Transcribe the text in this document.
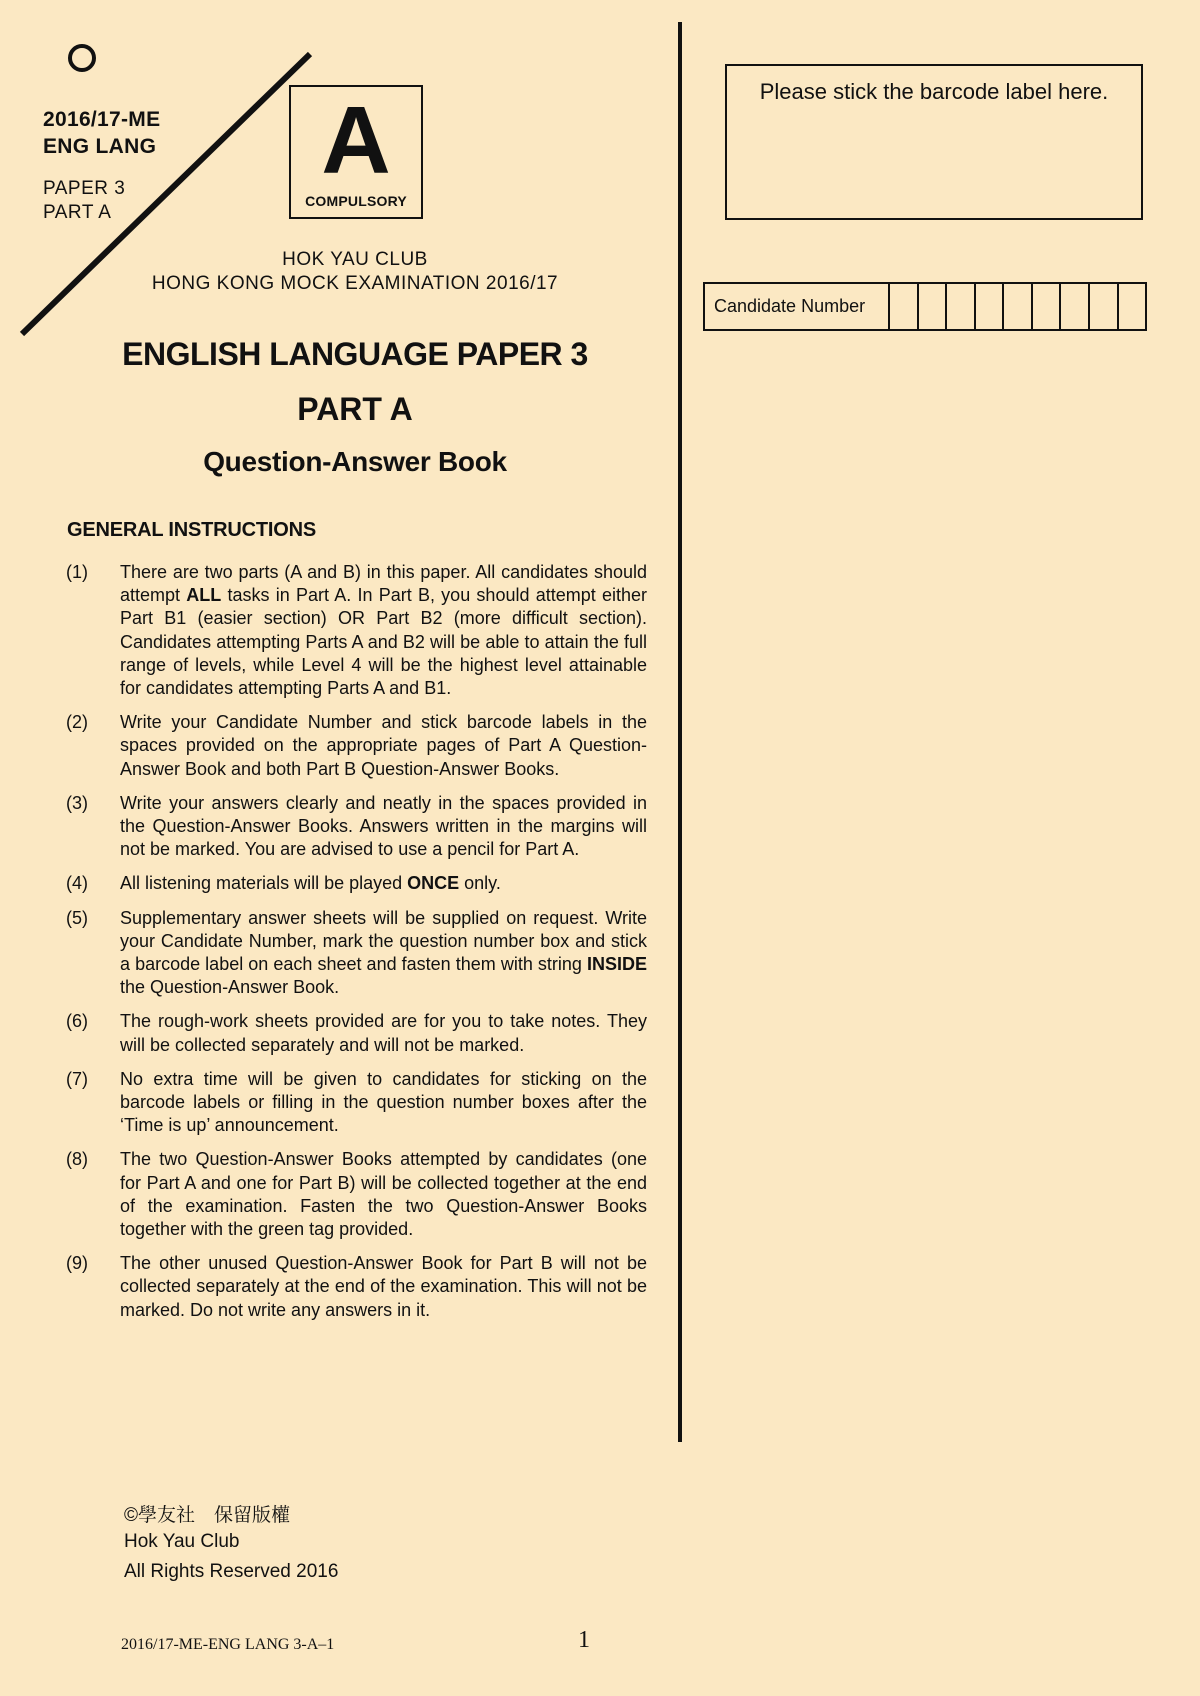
2016/17-ME
ENG LANG
PAPER 3
PART A
A
COMPULSORY
HOK YAU CLUB
HONG KONG MOCK EXAMINATION 2016/17
ENGLISH LANGUAGE PAPER 3
PART A
Question-Answer Book
GENERAL INSTRUCTIONS
(1)	There are two parts (A and B) in this paper. All candidates should attempt ALL tasks in Part A. In Part B, you should attempt either Part B1 (easier section) OR Part B2 (more difficult section). Candidates attempting Parts A and B2 will be able to attain the full range of levels, while Level 4 will be the highest level attainable for candidates attempting Parts A and B1.
(2)	Write your Candidate Number and stick barcode labels in the spaces provided on the appropriate pages of Part A Question-Answer Book and both Part B Question-Answer Books.
(3)	Write your answers clearly and neatly in the spaces provided in the Question-Answer Books. Answers written in the margins will not be marked. You are advised to use a pencil for Part A.
(4)	All listening materials will be played ONCE only.
(5)	Supplementary answer sheets will be supplied on request. Write your Candidate Number, mark the question number box and stick a barcode label on each sheet and fasten them with string INSIDE the Question-Answer Book.
(6)	The rough-work sheets provided are for you to take notes. They will be collected separately and will not be marked.
(7)	No extra time will be given to candidates for sticking on the barcode labels or filling in the question number boxes after the ‘Time is up’ announcement.
(8)	The two Question-Answer Books attempted by candidates (one for Part A and one for Part B) will be collected together at the end of the examination. Fasten the two Question-Answer Books together with the green tag provided.
(9)	The other unused Question-Answer Book for Part B will not be collected separately at the end of the examination. This will not be marked. Do not write any answers in it.
Please stick the barcode label here.
Candidate Number
©學友社　保留版權
Hok Yau Club
All Rights Reserved 2016
2016/17-ME-ENG LANG 3-A–1	1
